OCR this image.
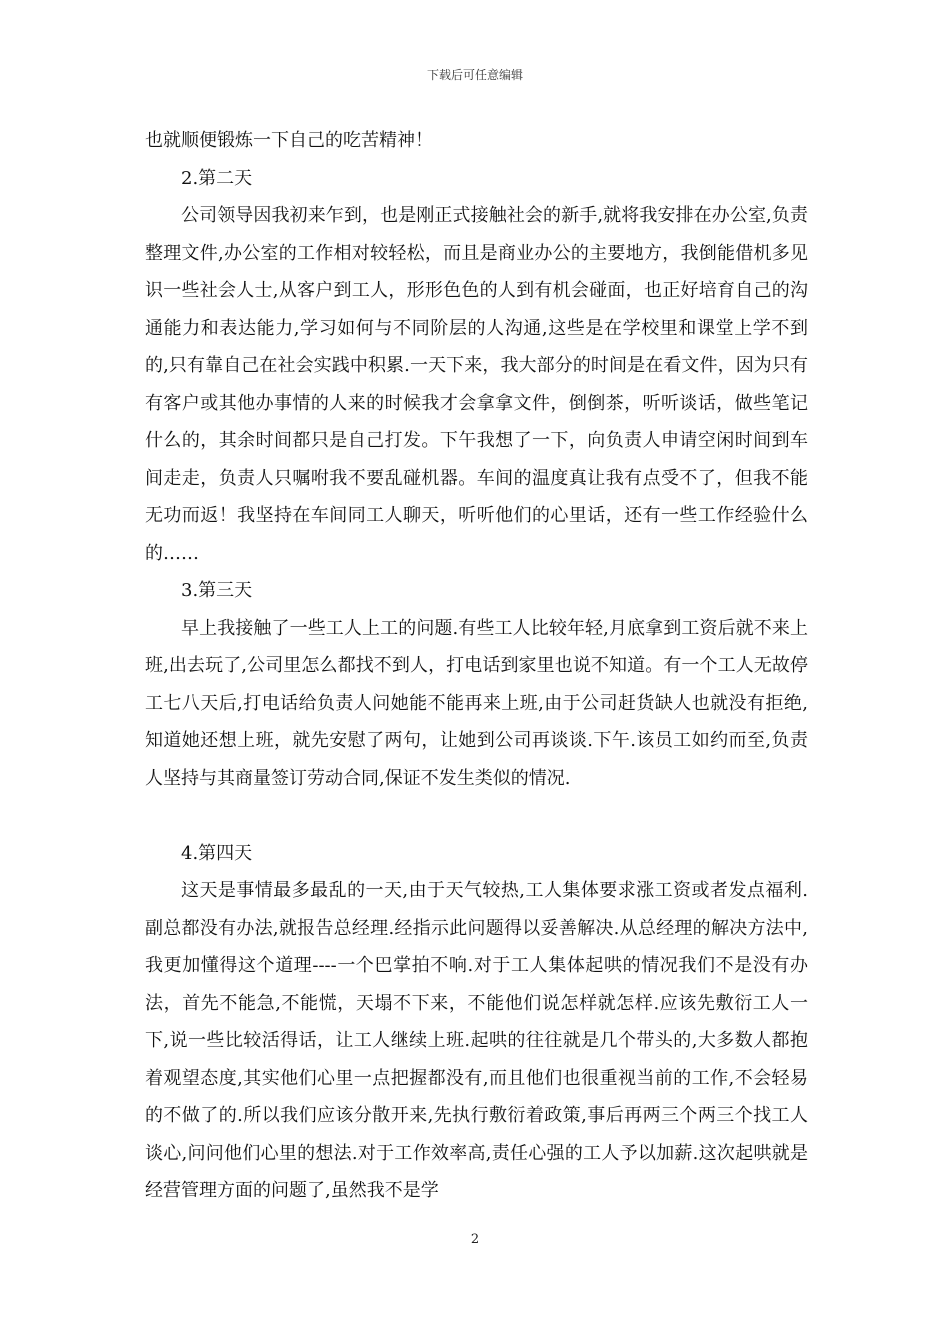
下载后可任意编辑

也就顺便锻炼一下自己的吃苦精神！

2.第二天

公司领导因我初来乍到，也是刚正式接触社会的新手,就将我安排在办公室,负责整理文件,办公室的工作相对较轻松，而且是商业办公的主要地方，我倒能借机多见识一些社会人士,从客户到工人，形形色色的人到有机会碰面，也正好培育自己的沟通能力和表达能力,学习如何与不同阶层的人沟通,这些是在学校里和课堂上学不到的,只有靠自己在社会实践中积累.一天下来，我大部分的时间是在看文件，因为只有有客户或其他办事情的人来的时候我才会拿拿文件，倒倒茶，听听谈话，做些笔记什么的，其余时间都只是自己打发。下午我想了一下，向负责人申请空闲时间到车间走走，负责人只嘱咐我不要乱碰机器。车间的温度真让我有点受不了，但我不能无功而返！我坚持在车间同工人聊天，听听他们的心里话，还有一些工作经验什么的……

3.第三天

早上我接触了一些工人上工的问题.有些工人比较年轻,月底拿到工资后就不来上班,出去玩了,公司里怎么都找不到人，打电话到家里也说不知道。有一个工人无故停工七八天后,打电话给负责人问她能不能再来上班,由于公司赶货缺人也就没有拒绝,知道她还想上班，就先安慰了两句，让她到公司再谈谈.下午.该员工如约而至,负责人坚持与其商量签订劳动合同,保证不发生类似的情况.

4.第四天

这天是事情最多最乱的一天,由于天气较热,工人集体要求涨工资或者发点福利.副总都没有办法,就报告总经理.经指示此问题得以妥善解决.从总经理的解决方法中,我更加懂得这个道理----一个巴掌拍不响.对于工人集体起哄的情况我们不是没有办法，首先不能急,不能慌，天塌不下来，不能他们说怎样就怎样.应该先敷衍工人一下,说一些比较活得话，让工人继续上班.起哄的往往就是几个带头的,大多数人都抱着观望态度,其实他们心里一点把握都没有,而且他们也很重视当前的工作,不会轻易的不做了的.所以我们应该分散开来,先执行敷衍着政策,事后再两三个两三个找工人谈心,问问他们心里的想法.对于工作效率高,责任心强的工人予以加薪.这次起哄就是经营管理方面的问题了,虽然我不是学

2
